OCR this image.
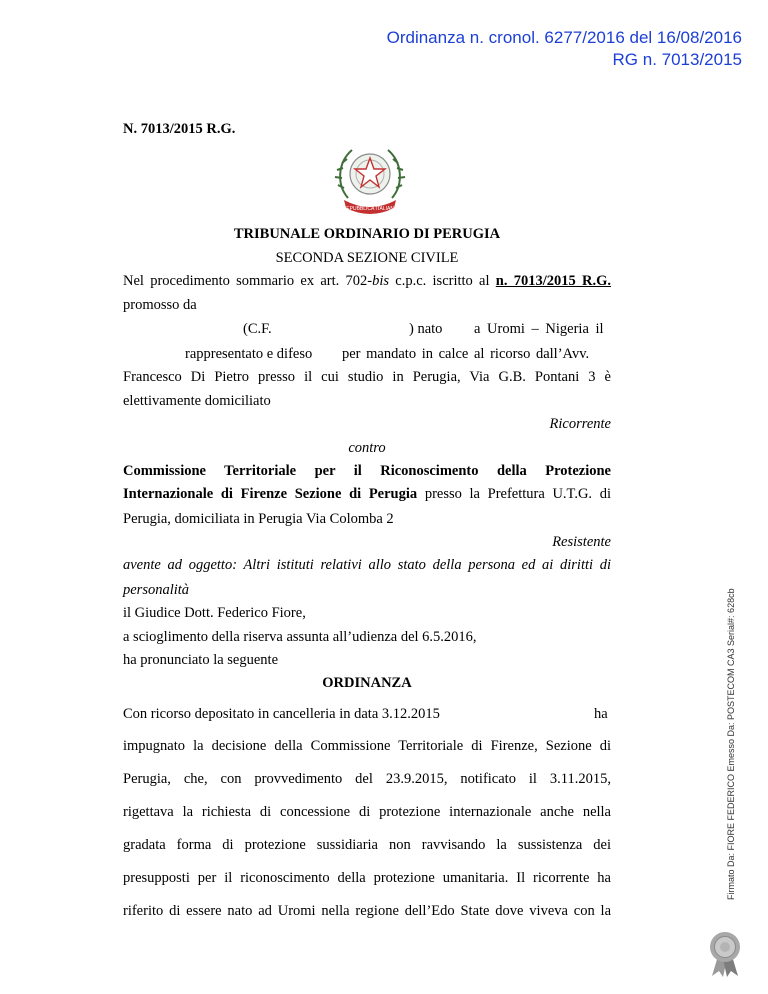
Ordinanza n. cronol. 6277/2016 del 16/08/2016
RG n. 7013/2015
N. 7013/2015 R.G.
REPUBBLICA ITALIANA
TRIBUNALE ORDINARIO DI PERUGIA
SECONDA SEZIONE CIVILE
Nel procedimento sommario ex art. 702-bis c.p.c. iscritto al n. 7013/2015 R.G.
promosso da
(C.F.	) nato a Uromi – Nigeria il
rappresentato e difeso per mandato in calce al ricorso dall’Avv.
Francesco Di Pietro presso il cui studio in Perugia, Via G.B. Pontani 3 è
elettivamente domiciliato
Ricorrente
contro
Commissione Territoriale per il Riconoscimento della Protezione
Internazionale di Firenze Sezione di Perugia presso la Prefettura U.T.G. di
Perugia, domiciliata in Perugia Via Colomba 2
Resistente
avente ad oggetto: Altri istituti relativi allo stato della persona ed ai diritti di
personalità
il Giudice Dott. Federico Fiore,
a scioglimento della riserva assunta all’udienza del 6.5.2016,
ha pronunciato la seguente
ORDINANZA
Con ricorso depositato in cancelleria in data 3.12.2015	ha
impugnato la decisione della Commissione Territoriale di Firenze, Sezione di
Perugia, che, con provvedimento del 23.9.2015, notificato il 3.11.2015,
rigettava la richiesta di concessione di protezione internazionale anche nella
gradata forma di protezione sussidiaria non ravvisando la sussistenza dei
presupposti per il riconoscimento della protezione umanitaria. Il ricorrente ha
riferito di essere nato ad Uromi nella regione dell’Edo State dove viveva con la
Firmato Da: FIORE FEDERICO Emesso Da: POSTECOM CA3 Serial#: 628cb
